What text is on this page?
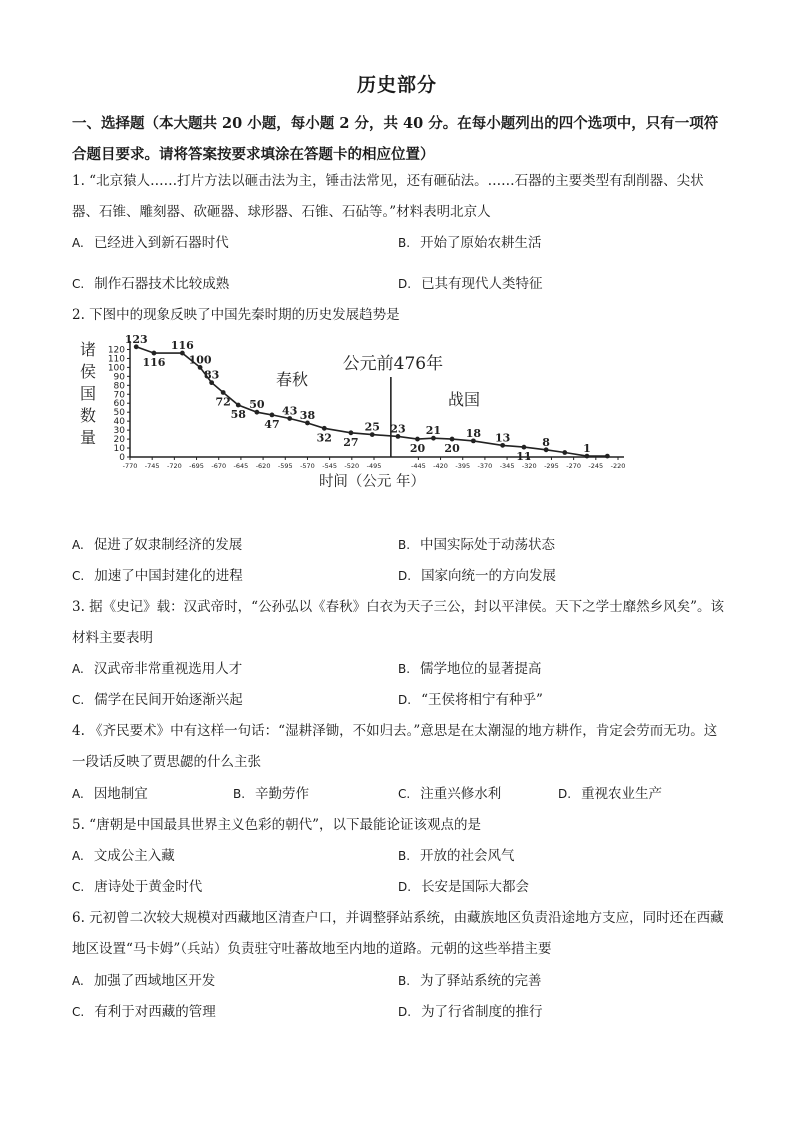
历史部分
一、选择题（本大题共 20 小题，每小题 2 分，共 40 分。在每小题列出的四个选项中，只有一项符合题目要求。请将答案按要求填涂在答题卡的相应位置）
1. “北京猿人……打片方法以砸击法为主，锤击法常见，还有砸砧法。……石器的主要类型有刮削器、尖状器、石锥、雕刻器、砍砸器、球形器、石锥、石砧等。”材料表明北京人
A. 已经进入到新石器时代	B. 开始了原始农耕生活
C. 制作石器技术比较成熟	D. 已其有现代人类特征
2. 下图中的现象反映了中国先秦时期的历史发展趋势是
诸
侯
国
数
量
0
10
20
30
40
50
60
70
80
90
100
110
120
-770 -745 -720 -695 -670 -645 -620 -595 -570 -545 -520 -495	-445 -420 -395 -370 -345 -320 -295 -270 -245 -220
时间（公元 年）
公元前476年
春秋
战国
123
116
116
100
83
72
58
50
47
43 38
32 27
25 23
20
21
20
18 13
11
8	1
A. 促进了奴隶制经济的发展	B. 中国实际处于动荡状态
C. 加速了中国封建化的进程	D. 国家向统一的方向发展
3. 据《史记》载：汉武帝时，“公孙弘以《春秋》白衣为天子三公，封以平津侯。天下之学士靡然乡风矣”。该材料主要表明
A. 汉武帝非常重视选用人才	B. 儒学地位的显著提高
C. 儒学在民间开始逐渐兴起	D. “王侯将相宁有种乎”
4. 《齐民要术》中有这样一句话：“湿耕泽锄，不如归去。”意思是在太潮湿的地方耕作，肯定会劳而无功。这一段话反映了贾思勰的什么主张
A. 因地制宜	B. 辛勤劳作	C. 注重兴修水利	D. 重视农业生产
5. “唐朝是中国最具世界主义色彩的朝代”，以下最能论证该观点的是
A. 文成公主入藏	B. 开放的社会风气
C. 唐诗处于黄金时代	D. 长安是国际大都会
6. 元初曾二次较大规模对西藏地区清查户口，并调整驿站系统，由藏族地区负责沿途地方支应，同时还在西藏地区设置“马卡姆”（兵站）负责驻守吐蕃故地至内地的道路。元朝的这些举措主要
A. 加强了西域地区开发	B. 为了驿站系统的完善
C. 有利于对西藏的管理	D. 为了行省制度的推行
